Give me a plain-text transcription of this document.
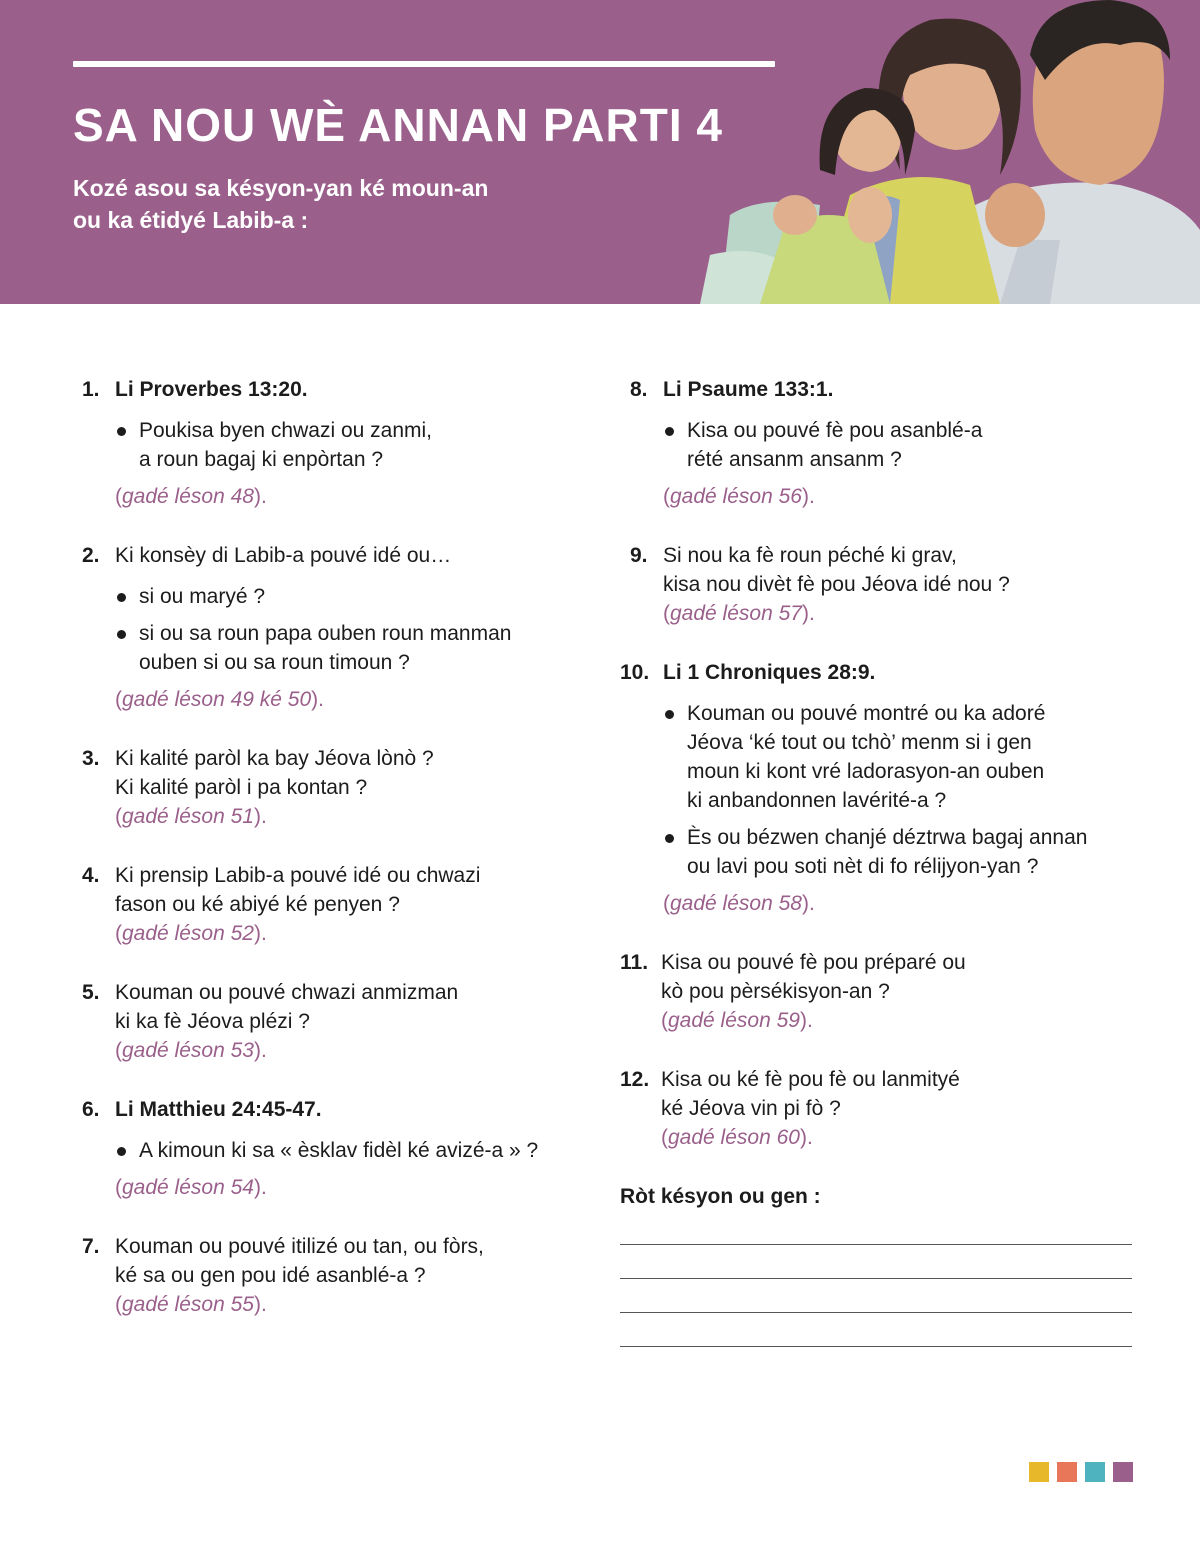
SA NOU WÈ ANNAN PARTI 4

Kozé asou sa késyon-yan ké moun-an
ou ka étidyé Labib-a :

1. Li Proverbes 13:20.
Poukisa byen chwazi ou zanmi,
a roun bagaj ki enpòrtan ?
(gadé léson 48).
2. Ki konsèy di Labib-a pouvé idé ou…
si ou maryé ?
si ou sa roun papa ouben roun manman
ouben si ou sa roun timoun ?
(gadé léson 49 ké 50).
3. Ki kalité paròl ka bay Jéova lònò ?
Ki kalité paròl i pa kontan ?
(gadé léson 51).
4. Ki prensip Labib-a pouvé idé ou chwazi
fason ou ké abiyé ké penyen ?
(gadé léson 52).
5. Kouman ou pouvé chwazi anmizman
ki ka fè Jéova plézi ?
(gadé léson 53).
6. Li Matthieu 24:45-47.
A kimoun ki sa « èsklav fidèl ké avizé-a » ?
(gadé léson 54).
7. Kouman ou pouvé itilizé ou tan, ou fòrs,
ké sa ou gen pou idé asanblé-a ?
(gadé léson 55).
8. Li Psaume 133:1.
Kisa ou pouvé fè pou asanblé-a
rété ansanm ansanm ?
(gadé léson 56).
9. Si nou ka fè roun péché ki grav,
kisa nou divèt fè pou Jéova idé nou ?
(gadé léson 57).
10. Li 1 Chroniques 28:9.
Kouman ou pouvé montré ou ka adoré
Jéova ‘ké tout ou tchò’ menm si i gen
moun ki kont vré ladorasyon-an ouben
ki anbandonnen lavérité-a ?
Ès ou bézwen chanjé déztrwa bagaj annan
ou lavi pou soti nèt di fo rélijyon-yan ?
(gadé léson 58).
11. Kisa ou pouvé fè pou préparé ou
kò pou pèrsékisyon-an ?
(gadé léson 59).
12. Kisa ou ké fè pou fè ou lanmityé
ké Jéova vin pi fò ?
(gadé léson 60).
Ròt késyon ou gen :
